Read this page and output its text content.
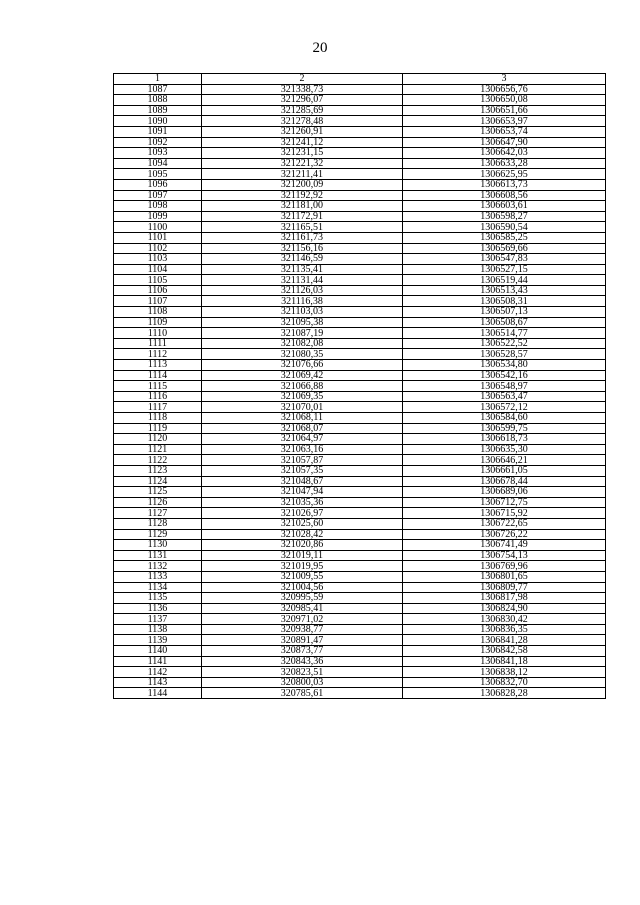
20
1	2	3
1087	321338,73	1306656,76
1088	321296,07	1306650,08
1089	321285,69	1306651,66
1090	321278,48	1306653,97
1091	321260,91	1306653,74
1092	321241,12	1306647,90
1093	321231,15	1306642,03
1094	321221,32	1306633,28
1095	321211,41	1306625,95
1096	321200,09	1306613,73
1097	321192,92	1306608,56
1098	321181,00	1306603,61
1099	321172,91	1306598,27
1100	321165,51	1306590,54
1101	321161,73	1306585,25
1102	321156,16	1306569,66
1103	321146,59	1306547,83
1104	321135,41	1306527,15
1105	321131,44	1306519,44
1106	321126,03	1306513,43
1107	321116,38	1306508,31
1108	321103,03	1306507,13
1109	321095,38	1306508,67
1110	321087,19	1306514,77
1111	321082,08	1306522,52
1112	321080,35	1306528,57
1113	321076,66	1306534,80
1114	321069,42	1306542,16
1115	321066,88	1306548,97
1116	321069,35	1306563,47
1117	321070,01	1306572,12
1118	321068,11	1306584,60
1119	321068,07	1306599,75
1120	321064,97	1306618,73
1121	321063,16	1306635,30
1122	321057,87	1306646,21
1123	321057,35	1306661,05
1124	321048,67	1306678,44
1125	321047,94	1306689,06
1126	321035,36	1306712,75
1127	321026,97	1306715,92
1128	321025,60	1306722,65
1129	321028,42	1306726,22
1130	321020,86	1306741,49
1131	321019,11	1306754,13
1132	321019,95	1306769,96
1133	321009,55	1306801,65
1134	321004,56	1306809,77
1135	320995,59	1306817,98
1136	320985,41	1306824,90
1137	320971,02	1306830,42
1138	320938,77	1306836,35
1139	320891,47	1306841,28
1140	320873,77	1306842,58
1141	320843,36	1306841,18
1142	320823,51	1306838,12
1143	320800,03	1306832,70
1144	320785,61	1306828,28
